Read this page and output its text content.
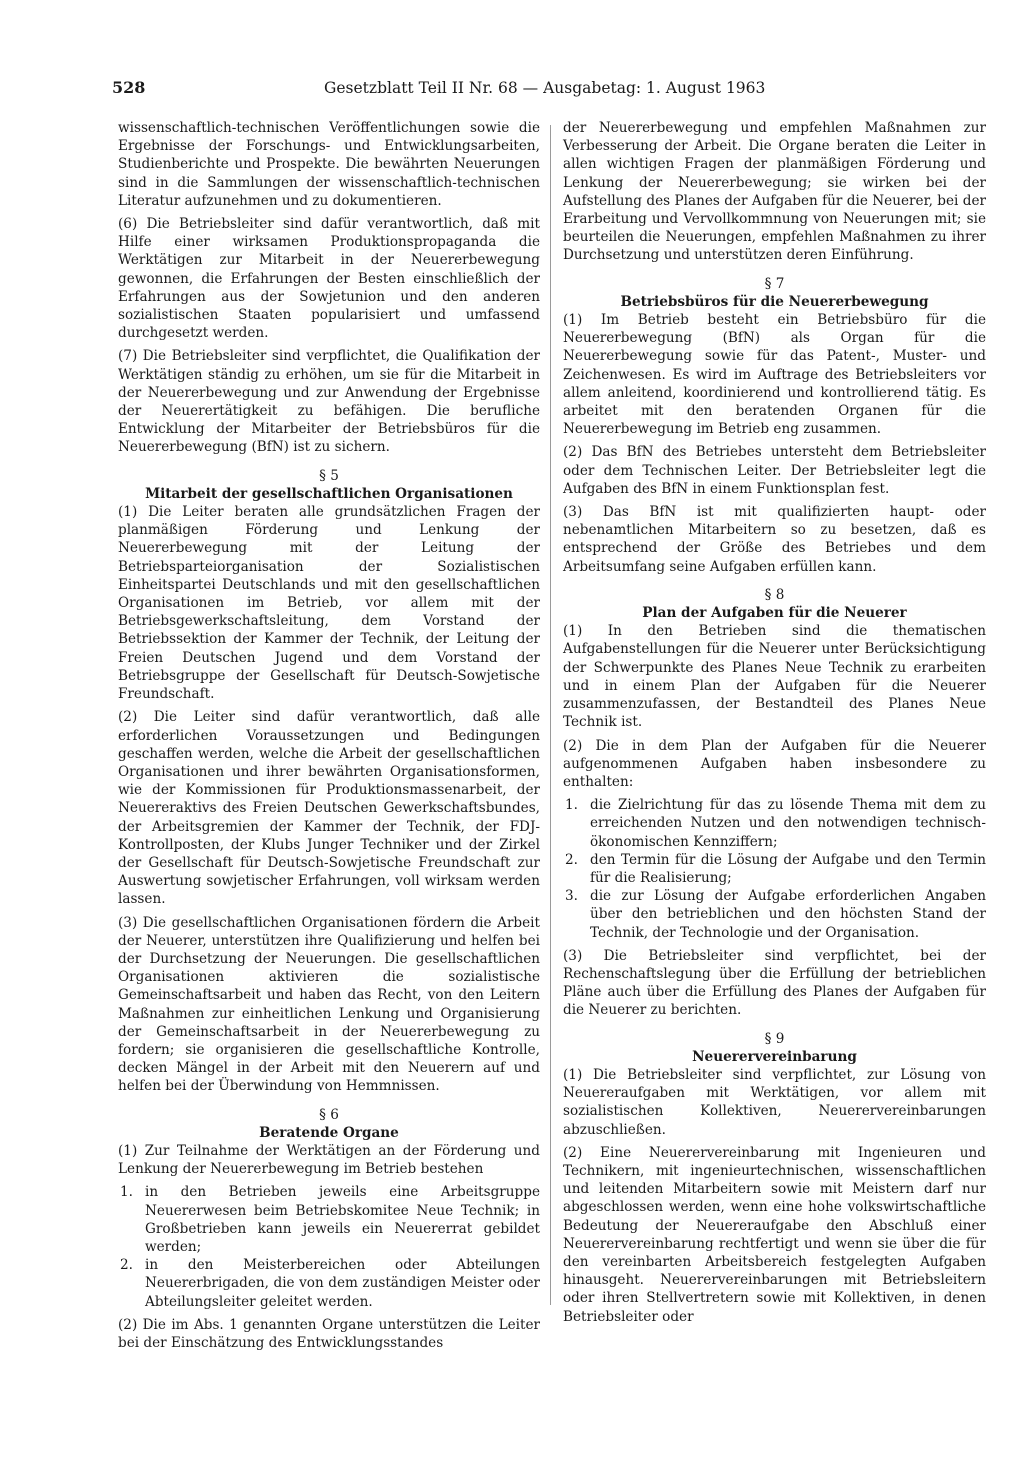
528	Gesetzblatt Teil II Nr. 68 — Ausgabetag: 1. August 1963

wissenschaftlich-technischen Veröffentlichungen sowie die Ergebnisse der Forschungs- und Entwicklungsarbeiten, Studienberichte und Prospekte. Die bewährten Neuerungen sind in die Sammlungen der wissenschaftlich-technischen Literatur aufzunehmen und zu dokumentieren.

(6) Die Betriebsleiter sind dafür verantwortlich, daß mit Hilfe einer wirksamen Produktionspropaganda die Werktätigen zur Mitarbeit in der Neuererbewegung gewonnen, die Erfahrungen der Besten einschließlich der Erfahrungen aus der Sowjetunion und den anderen sozialistischen Staaten popularisiert und umfassend durchgesetzt werden.

(7) Die Betriebsleiter sind verpflichtet, die Qualifikation der Werktätigen ständig zu erhöhen, um sie für die Mitarbeit in der Neuererbewegung und zur Anwendung der Ergebnisse der Neuerertätigkeit zu befähigen. Die berufliche Entwicklung der Mitarbeiter der Betriebsbüros für die Neuererbewegung (BfN) ist zu sichern.

§ 5
Mitarbeit der gesellschaftlichen Organisationen

(1) Die Leiter beraten alle grundsätzlichen Fragen der planmäßigen Förderung und Lenkung der Neuererbewegung mit der Leitung der Betriebsparteiorganisation der Sozialistischen Einheitspartei Deutschlands und mit den gesellschaftlichen Organisationen im Betrieb, vor allem mit der Betriebsgewerkschaftsleitung, dem Vorstand der Betriebssektion der Kammer der Technik, der Leitung der Freien Deutschen Jugend und dem Vorstand der Betriebsgruppe der Gesellschaft für Deutsch-Sowjetische Freundschaft.

(2) Die Leiter sind dafür verantwortlich, daß alle erforderlichen Voraussetzungen und Bedingungen geschaffen werden, welche die Arbeit der gesellschaftlichen Organisationen und ihrer bewährten Organisationsformen, wie der Kommissionen für Produktionsmassenarbeit, der Neuereraktivs des Freien Deutschen Gewerkschaftsbundes, der Arbeitsgremien der Kammer der Technik, der FDJ-Kontrollposten, der Klubs Junger Techniker und der Zirkel der Gesellschaft für Deutsch-Sowjetische Freundschaft zur Auswertung sowjetischer Erfahrungen, voll wirksam werden lassen.

(3) Die gesellschaftlichen Organisationen fördern die Arbeit der Neuerer, unterstützen ihre Qualifizierung und helfen bei der Durchsetzung der Neuerungen. Die gesellschaftlichen Organisationen aktivieren die sozialistische Gemeinschaftsarbeit und haben das Recht, von den Leitern Maßnahmen zur einheitlichen Lenkung und Organisierung der Gemeinschaftsarbeit in der Neuererbewegung zu fordern; sie organisieren die gesellschaftliche Kontrolle, decken Mängel in der Arbeit mit den Neuerern auf und helfen bei der Überwindung von Hemmnissen.

§ 6
Beratende Organe

(1) Zur Teilnahme der Werktätigen an der Förderung und Lenkung der Neuererbewegung im Betrieb bestehen

1. in den Betrieben jeweils eine Arbeitsgruppe Neuererwesen beim Betriebskomitee Neue Technik; in Großbetrieben kann jeweils ein Neuererrat gebildet werden;
2. in den Meisterbereichen oder Abteilungen Neuererbrigaden, die von dem zuständigen Meister oder Abteilungsleiter geleitet werden.

(2) Die im Abs. 1 genannten Organe unterstützen die Leiter bei der Einschätzung des Entwicklungsstandes

der Neuererbewegung und empfehlen Maßnahmen zur Verbesserung der Arbeit. Die Organe beraten die Leiter in allen wichtigen Fragen der planmäßigen Förderung und Lenkung der Neuererbewegung; sie wirken bei der Aufstellung des Planes der Aufgaben für die Neuerer, bei der Erarbeitung und Vervollkommnung von Neuerungen mit; sie beurteilen die Neuerungen, empfehlen Maßnahmen zu ihrer Durchsetzung und unterstützen deren Einführung.

§ 7
Betriebsbüros für die Neuererbewegung

(1) Im Betrieb besteht ein Betriebsbüro für die Neuererbewegung (BfN) als Organ für die Neuererbewegung sowie für das Patent-, Muster- und Zeichenwesen. Es wird im Auftrage des Betriebsleiters vor allem anleitend, koordinierend und kontrollierend tätig. Es arbeitet mit den beratenden Organen für die Neuererbewegung im Betrieb eng zusammen.

(2) Das BfN des Betriebes untersteht dem Betriebsleiter oder dem Technischen Leiter. Der Betriebsleiter legt die Aufgaben des BfN in einem Funktionsplan fest.

(3) Das BfN ist mit qualifizierten haupt- oder nebenamtlichen Mitarbeitern so zu besetzen, daß es entsprechend der Größe des Betriebes und dem Arbeitsumfang seine Aufgaben erfüllen kann.

§ 8
Plan der Aufgaben für die Neuerer

(1) In den Betrieben sind die thematischen Aufgabenstellungen für die Neuerer unter Berücksichtigung der Schwerpunkte des Planes Neue Technik zu erarbeiten und in einem Plan der Aufgaben für die Neuerer zusammenzufassen, der Bestandteil des Planes Neue Technik ist.

(2) Die in dem Plan der Aufgaben für die Neuerer aufgenommenen Aufgaben haben insbesondere zu enthalten:

1. die Zielrichtung für das zu lösende Thema mit dem zu erreichenden Nutzen und den notwendigen technisch-ökonomischen Kennziffern;
2. den Termin für die Lösung der Aufgabe und den Termin für die Realisierung;
3. die zur Lösung der Aufgabe erforderlichen Angaben über den betrieblichen und den höchsten Stand der Technik, der Technologie und der Organisation.

(3) Die Betriebsleiter sind verpflichtet, bei der Rechenschaftslegung über die Erfüllung der betrieblichen Pläne auch über die Erfüllung des Planes der Aufgaben für die Neuerer zu berichten.

§ 9
Neuerervereinbarung

(1) Die Betriebsleiter sind verpflichtet, zur Lösung von Neuereraufgaben mit Werktätigen, vor allem mit sozialistischen Kollektiven, Neuerervereinbarungen abzuschließen.

(2) Eine Neuerervereinbarung mit Ingenieuren und Technikern, mit ingenieurtechnischen, wissenschaftlichen und leitenden Mitarbeitern sowie mit Meistern darf nur abgeschlossen werden, wenn eine hohe volkswirtschaftliche Bedeutung der Neuereraufgabe den Abschluß einer Neuerervereinbarung rechtfertigt und wenn sie über die für den vereinbarten Arbeitsbereich festgelegten Aufgaben hinausgeht. Neuerervereinbarungen mit Betriebsleitern oder ihren Stellvertretern sowie mit Kollektiven, in denen Betriebsleiter oder
